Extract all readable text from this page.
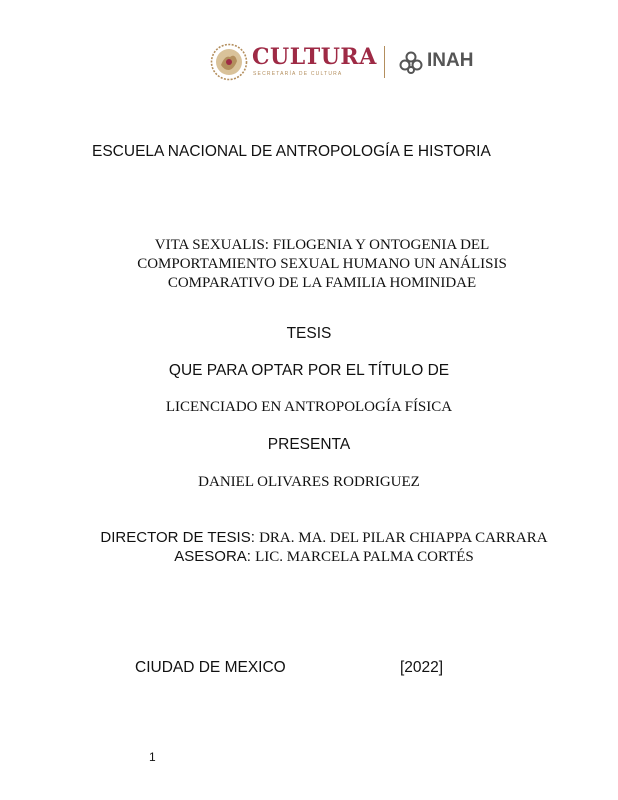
CULTURA
SECRETARÍA DE CULTURA
INAH
ESCUELA NACIONAL DE ANTROPOLOGÍA E HISTORIA
VITA SEXUALIS: FILOGENIA Y ONTOGENIA DEL
COMPORTAMIENTO SEXUAL HUMANO UN ANÁLISIS
COMPARATIVO DE LA FAMILIA HOMINIDAE
TESIS
QUE PARA OPTAR POR EL TÍTULO DE
LICENCIADO EN ANTROPOLOGÍA FÍSICA
PRESENTA
DANIEL OLIVARES RODRIGUEZ
DIRECTOR DE TESIS: DRA. MA. DEL PILAR CHIAPPA CARRARA
ASESORA: LIC. MARCELA PALMA CORTÉS
CIUDAD DE MEXICO	[2022]
1
